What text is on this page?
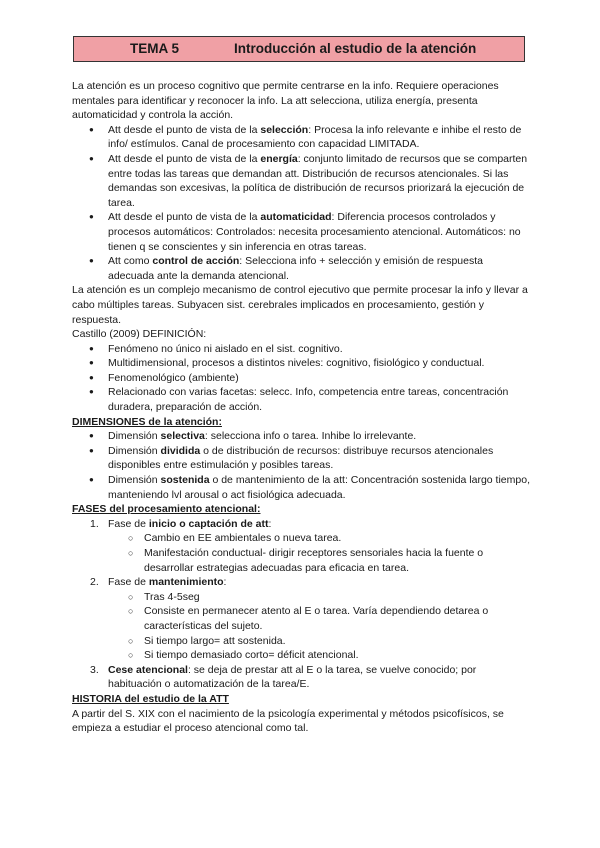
TEMA 5	Introducción al estudio de la atención

La atención es un proceso cognitivo que permite centrarse en la info. Requiere operaciones mentales para identificar y reconocer la info. La att selecciona, utiliza energía, presenta automaticidad y controla la acción.

● Att desde el punto de vista de la selección: Procesa la info relevante e inhibe el resto de info/ estímulos. Canal de procesamiento con capacidad LIMITADA.
● Att desde el punto de vista de la energía: conjunto limitado de recursos que se comparten entre todas las tareas que demandan att. Distribución de recursos atencionales. Si las demandas son excesivas, la política de distribución de recursos priorizará la ejecución de tarea.
● Att desde el punto de vista de la automaticidad: Diferencia procesos controlados y procesos automáticos: Controlados: necesita procesamiento atencional. Automáticos: no tienen q se conscientes y sin inferencia en otras tareas.
● Att como control de acción: Selecciona info + selección y emisión de respuesta adecuada ante la demanda atencional.

La atención es un complejo mecanismo de control ejecutivo que permite procesar la info y llevar a cabo múltiples tareas. Subyacen sist. cerebrales implicados en procesamiento, gestión y respuesta.

Castillo (2009) DEFINICIÓN:

● Fenómeno no único ni aislado en el sist. cognitivo.
● Multidimensional, procesos a distintos niveles: cognitivo, fisiológico y conductual.
● Fenomenológico (ambiente)
● Relacionado con varias facetas: selecc. Info, competencia entre tareas, concentración duradera, preparación de acción.

DIMENSIONES de la atención:

● Dimensión selectiva: selecciona info o tarea. Inhibe lo irrelevante.
● Dimensión dividida o de distribución de recursos: distribuye recursos atencionales disponibles entre estimulación y posibles tareas.
● Dimensión sostenida o de mantenimiento de la att: Concentración sostenida largo tiempo, manteniendo lvl arousal o act fisiológica adecuada.

FASES del procesamiento atencional:

1. Fase de inicio o captación de att:
○ Cambio en EE ambientales o nueva tarea.
○ Manifestación conductual- dirigir receptores sensoriales hacia la fuente o desarrollar estrategias adecuadas para eficacia en tarea.
2. Fase de mantenimiento:
○ Tras 4-5seg
○ Consiste en permanecer atento al E o tarea. Varía dependiendo detarea o características del sujeto.
○ Si tiempo largo= att sostenida.
○ Si tiempo demasiado corto= déficit atencional.
3. Cese atencional: se deja de prestar att al E o la tarea, se vuelve conocido; por habituación o automatización de la tarea/E.

HISTORIA del estudio de la ATT

A partir del S. XIX con el nacimiento de la psicología experimental y métodos psicofísicos, se empieza a estudiar el proceso atencional como tal.
